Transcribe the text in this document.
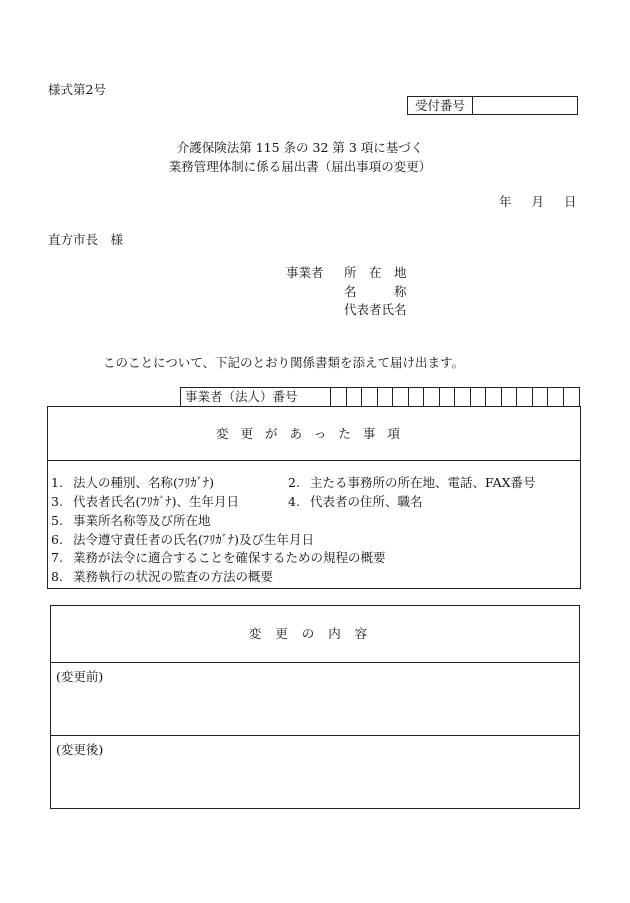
様式第2号
受付番号
介護保険法第 115 条の 32 第 3 項に基づく
業務管理体制に係る届出書（届出事項の変更）
年 月 日
直方市長　様
事業者 所　在　地
名　　　称
代表者氏名
このことについて、下記のとおり関係書類を添えて届け出ます。
事業者（法人）番号
変更があった事項
1. 法人の種別、名称(ﾌﾘｶﾞﾅ)	2. 主たる事務所の所在地、電話、FAX番号
3. 代表者氏名(ﾌﾘｶﾞﾅ)、生年月日	4. 代表者の住所、職名
5. 事業所名称等及び所在地
6. 法令遵守責任者の氏名(ﾌﾘｶﾞﾅ)及び生年月日
7. 業務が法令に適合することを確保するための規程の概要
8. 業務執行の状況の監査の方法の概要
変更の内容
(変更前)
(変更後)
